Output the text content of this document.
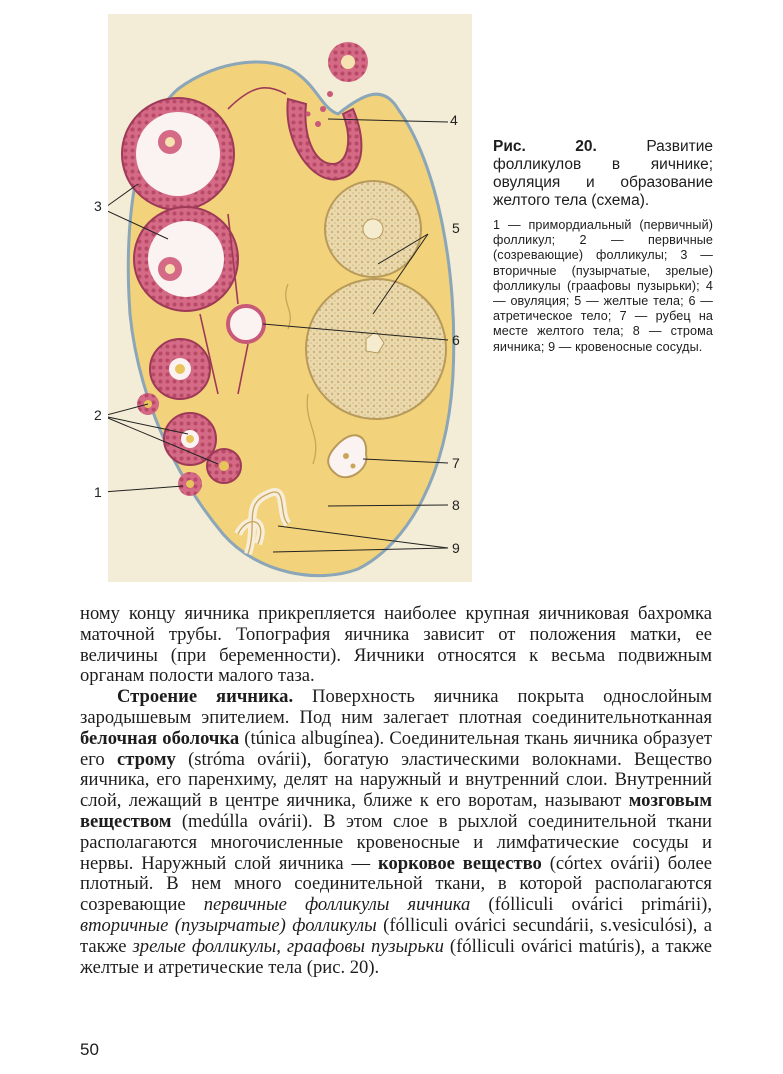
4
3
5
6
2
7
1
8
9

Рис. 20.	Развитие фолликулов в яичнике; овуляция и образование желтого тела (схема).

1 — примордиальный (первичный) фолликул; 2 — первичные (созревающие) фолликулы; 3 — вторичные (пузырчатые, зрелые) фолликулы (граафовы пузырьки); 4 — овуляция; 5 — желтые тела; 6 — атретическое тело; 7 — рубец на месте желтого тела; 8 — строма яичника; 9 — кровеносные сосуды.

ному концу яичника прикрепляется наиболее крупная яичниковая бахромка маточной трубы. Топография яичника зависит от положения матки, ее величины (при беременности). Яичники относятся к весьма подвижным органам полости малого таза.

Строение яичника. Поверхность яичника покрыта однослойным зародышевым эпителием. Под ним залегает плотная соединительнотканная белочная оболочка (túnica albugínea). Соединительная ткань яичника образует его строму (stróma ovárii), богатую эластическими волокнами. Вещество яичника, его паренхиму, делят на наружный и внутренний слои. Внутренний слой, лежащий в центре яичника, ближе к его воротам, называют мозговым веществом (medúlla ovárii). В этом слое в рыхлой соединительной ткани располагаются многочисленные кровеносные и лимфатические сосуды и нервы. Наружный слой яичника — корковое вещество (córtex ovárii) более плотный. В нем много соединительной ткани, в которой располагаются созревающие первичные фолликулы яичника (fólliculi ovárici primárii), вторичные (пузырчатые) фолликулы (fólliculi ovárici secundárii, s.vesiculósi), а также зрелые фолликулы, граафовы пузырьки (fólliculi ovárici matúris), а также желтые и атретические тела (рис. 20).

50
